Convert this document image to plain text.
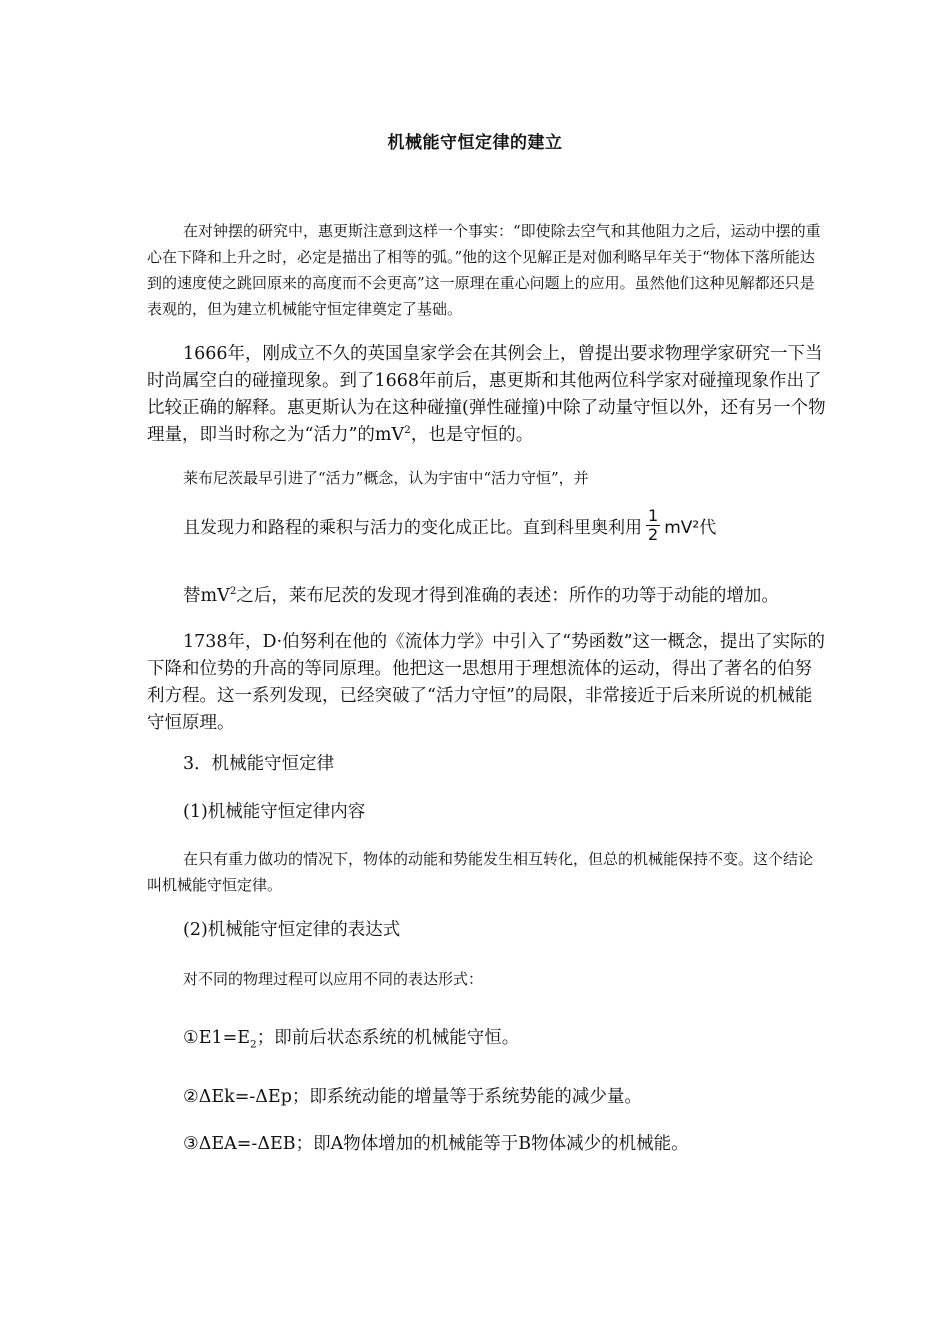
机械能守恒定律的建立

在对钟摆的研究中，惠更斯注意到这样一个事实：“即使除去空气和其他阻力之后，运动中摆的重心在下降和上升之时，必定是描出了相等的弧。”他的这个见解正是对伽利略早年关于“物体下落所能达到的速度使之跳回原来的高度而不会更高”这一原理在重心问题上的应用。虽然他们这种见解都还只是表观的，但为建立机械能守恒定律奠定了基础。

1666年，刚成立不久的英国皇家学会在其例会上，曾提出要求物理学家研究一下当时尚属空白的碰撞现象。到了1668年前后，惠更斯和其他两位科学家对碰撞现象作出了比较正确的解释。惠更斯认为在这种碰撞(弹性碰撞)中除了动量守恒以外，还有另一个物理量，即当时称之为“活力”的$mV^2$，也是守恒的。

莱布尼茨最早引进了“活力”概念，认为宇宙中“活力守恒”，并

且发现力和路程的乘积与活力的变化成正比。直到科里奥利用 $\frac{1}{2} mV^2$代

替$mV^2$之后，莱布尼茨的发现才得到准确的表述：所作的功等于动能的增加。

1738年，D·伯努利在他的《流体力学》中引入了“势函数”这一概念，提出了实际的下降和位势的升高的等同原理。他把这一思想用于理想流体的运动，得出了著名的伯努利方程。这一系列发现，已经突破了“活力守恒”的局限，非常接近于后来所说的机械能守恒原理。

3．机械能守恒定律

(1)机械能守恒定律内容

在只有重力做功的情况下，物体的动能和势能发生相互转化，但总的机械能保持不变。这个结论叫机械能守恒定律。

(2)机械能守恒定律的表达式

对不同的物理过程可以应用不同的表达形式：

$①E1=E_2$；即前后状态系统的机械能守恒。

②ΔEk=-ΔEp；即系统动能的增量等于系统势能的减少量。

③ΔEA=-ΔEB；即A物体增加的机械能等于B物体减少的机械能。
